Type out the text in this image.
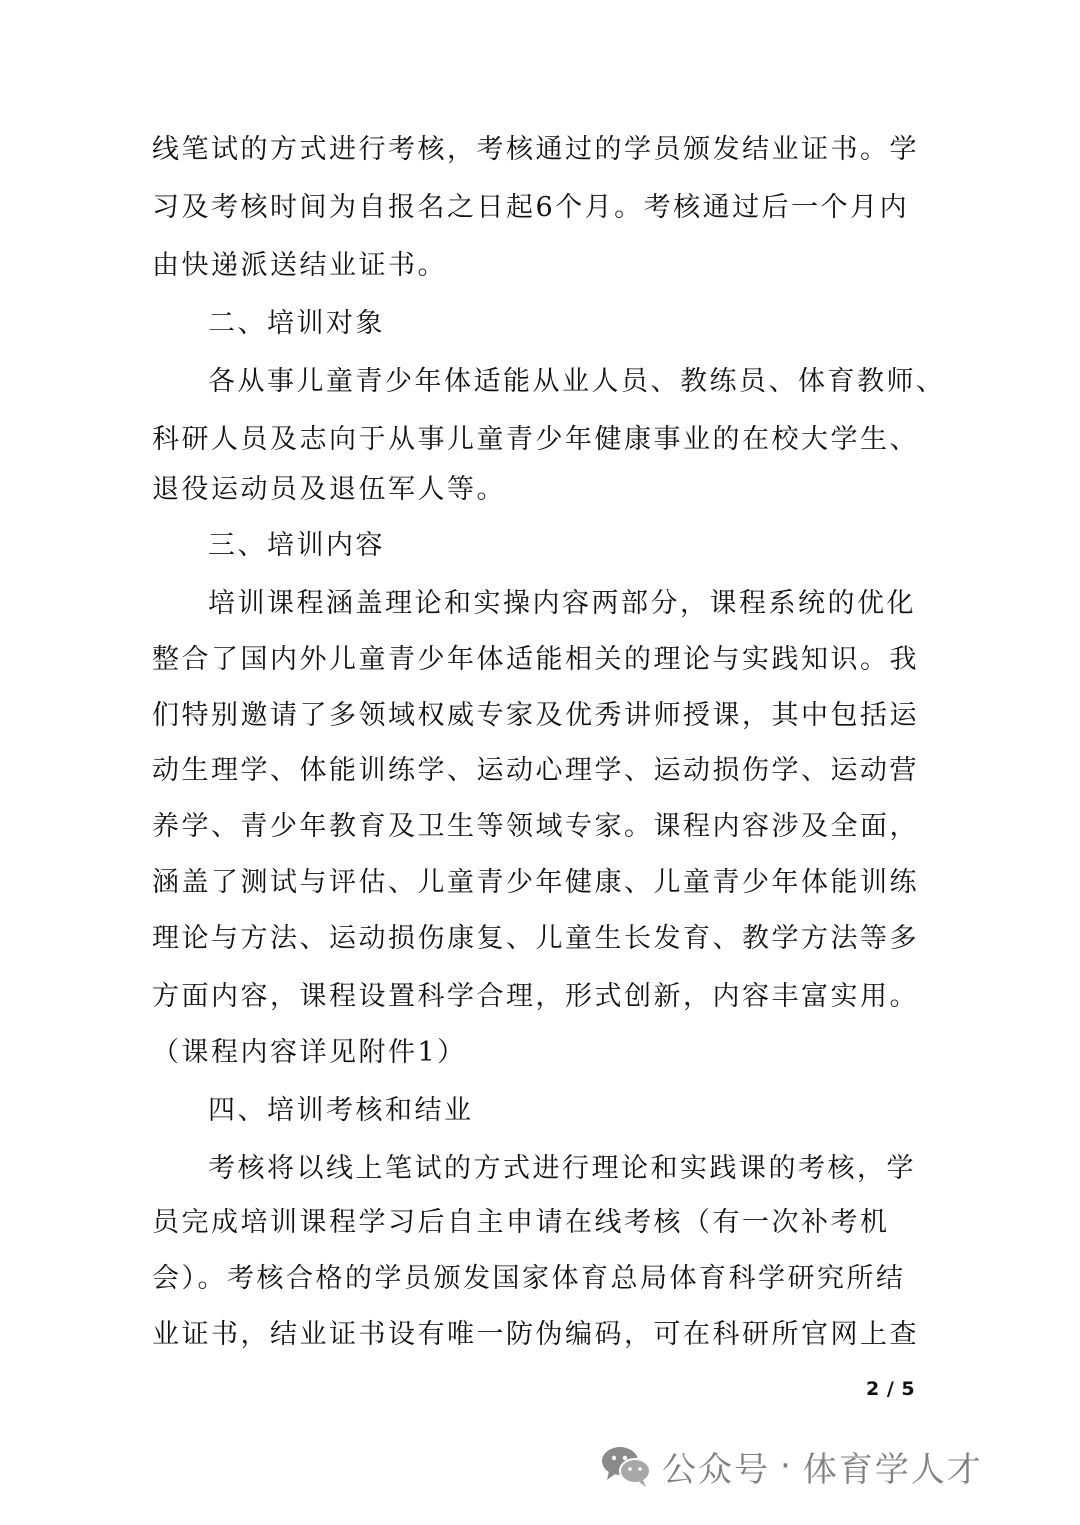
线笔试的方式进行考核，考核通过的学员颁发结业证书。学
习及考核时间为自报名之日起6个月。考核通过后一个月内
由快递派送结业证书。
二、培训对象
各从事儿童青少年体适能从业人员、教练员、体育教师、
科研人员及志向于从事儿童青少年健康事业的在校大学生、
退役运动员及退伍军人等。
三、培训内容
培训课程涵盖理论和实操内容两部分，课程系统的优化
整合了国内外儿童青少年体适能相关的理论与实践知识。我
们特别邀请了多领域权威专家及优秀讲师授课，其中包括运
动生理学、体能训练学、运动心理学、运动损伤学、运动营
养学、青少年教育及卫生等领域专家。课程内容涉及全面，
涵盖了测试与评估、儿童青少年健康、儿童青少年体能训练
理论与方法、运动损伤康复、儿童生长发育、教学方法等多
方面内容，课程设置科学合理，形式创新，内容丰富实用。
（课程内容详见附件1）
四、培训考核和结业
考核将以线上笔试的方式进行理论和实践课的考核，学
员完成培训课程学习后自主申请在线考核（有一次补考机
会）。考核合格的学员颁发国家体育总局体育科学研究所结
业证书，结业证书设有唯一防伪编码，可在科研所官网上查
2 / 5
公众号 · 体育学人才
